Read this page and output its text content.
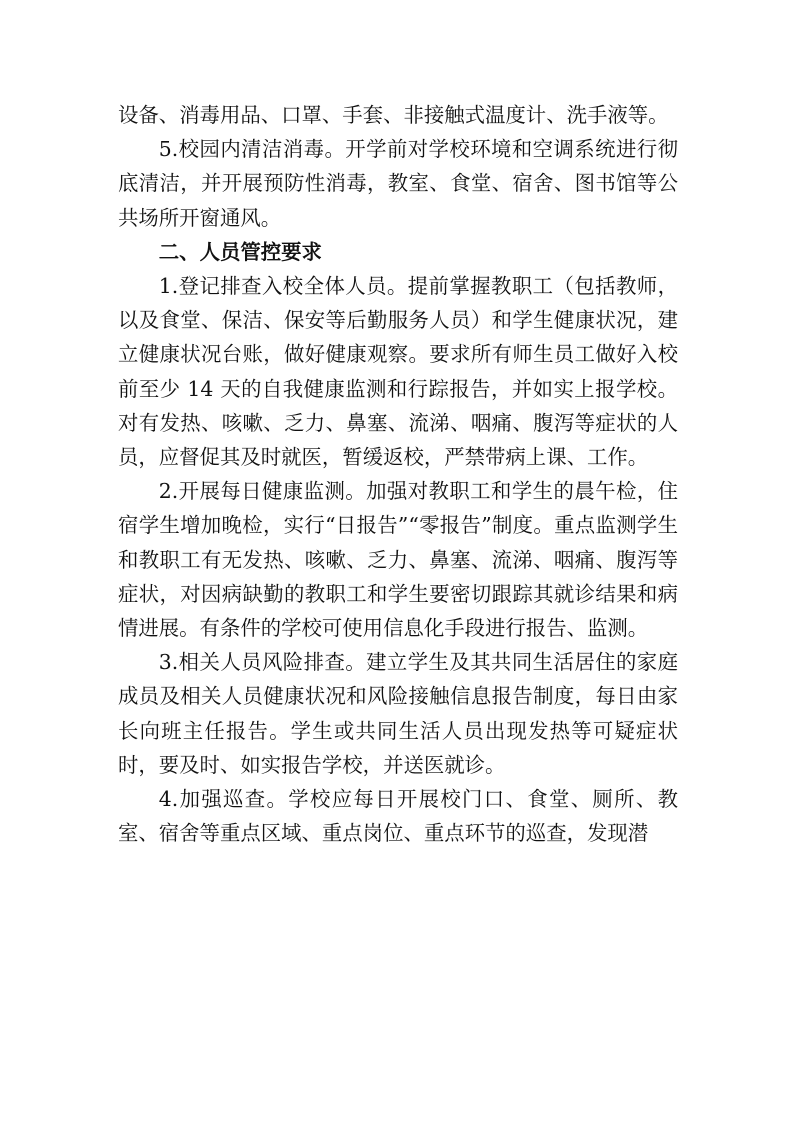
设备、消毒用品、口罩、手套、非接触式温度计、洗手液等。

5.校园内清洁消毒。开学前对学校环境和空调系统进行彻底清洁，并开展预防性消毒，教室、食堂、宿舍、图书馆等公共场所开窗通风。

二、人员管控要求

1.登记排查入校全体人员。提前掌握教职工（包括教师，以及食堂、保洁、保安等后勤服务人员）和学生健康状况，建立健康状况台账，做好健康观察。要求所有师生员工做好入校前至少 14 天的自我健康监测和行踪报告，并如实上报学校。对有发热、咳嗽、乏力、鼻塞、流涕、咽痛、腹泻等症状的人员，应督促其及时就医，暂缓返校，严禁带病上课、工作。

2.开展每日健康监测。加强对教职工和学生的晨午检，住宿学生增加晚检，实行“日报告”“零报告”制度。重点监测学生和教职工有无发热、咳嗽、乏力、鼻塞、流涕、咽痛、腹泻等症状，对因病缺勤的教职工和学生要密切跟踪其就诊结果和病情进展。有条件的学校可使用信息化手段进行报告、监测。

3.相关人员风险排查。建立学生及其共同生活居住的家庭成员及相关人员健康状况和风险接触信息报告制度，每日由家长向班主任报告。学生或共同生活人员出现发热等可疑症状时，要及时、如实报告学校，并送医就诊。

4.加强巡查。学校应每日开展校门口、食堂、厕所、教室、宿舍等重点区域、重点岗位、重点环节的巡查，发现潜
